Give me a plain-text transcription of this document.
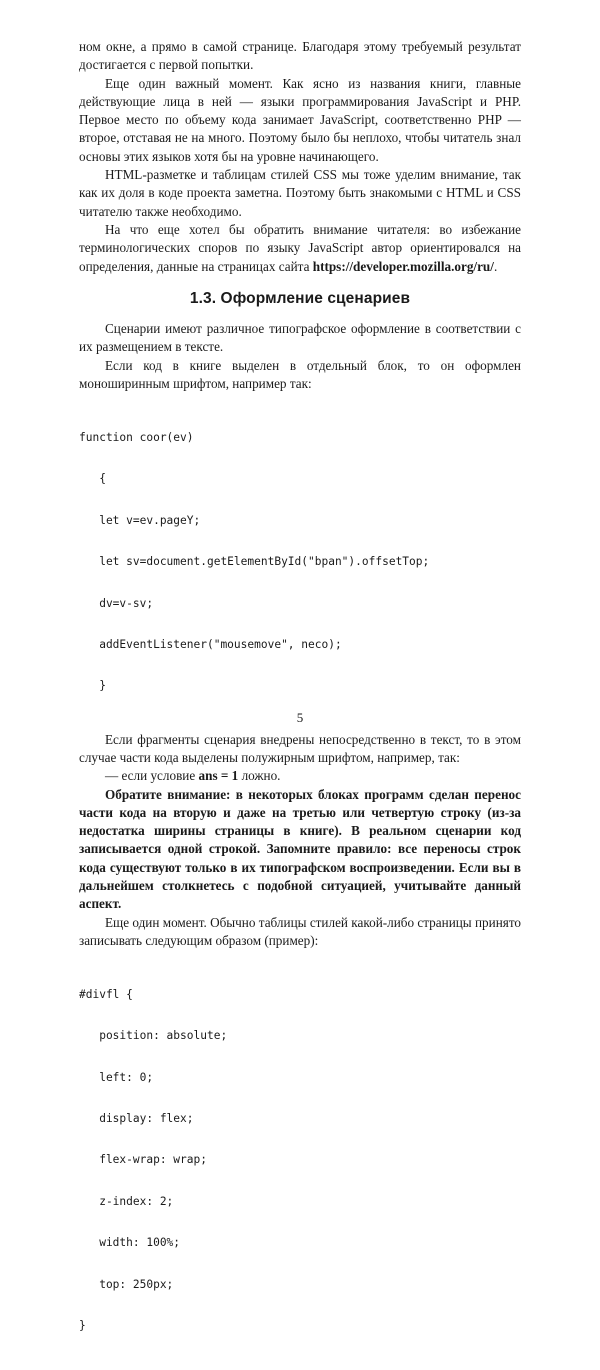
ном окне, а прямо в самой странице. Благодаря этому требуемый результат достигается с первой попытки.

Еще один важный момент. Как ясно из названия книги, главные действующие лица в ней — языки программирования JavaScript и PHP. Первое место по объему кода занимает JavaScript, соответственно PHP — второе, отставая не на много. Поэтому было бы неплохо, чтобы читатель знал основы этих языков хотя бы на уровне начинающего.

HTML-разметке и таблицам стилей CSS мы тоже уделим внимание, так как их доля в коде проекта заметна. Поэтому быть знакомыми с HTML и CSS читателю также необходимо.

На что еще хотел бы обратить внимание читателя: во избежание терминологических споров по языку JavaScript автор ориентировался на определения, данные на страницах сайта https://developer.mozilla.org/ru/.

1.3. Оформление сценариев

Сценарии имеют различное типографское оформление в соответствии с их размещением в тексте.

Если код в книге выделен в отдельный блок, то он оформлен моноширинным шрифтом, например так:

function coor(ev)

{

let v=ev.pageY;

let sv=document.getElementById("bpan").offsetTop;

dv=v-sv;

addEventListener("mousemove", neco);

}

Если фрагменты сценария внедрены непосредственно в текст, то в этом случае части кода выделены полужирным шрифтом, например, так:

— если условие ans = 1 ложно.

Обратите внимание: в некоторых блоках программ сделан перенос части кода на вторую и даже на третью или четвертую строку (из-за недостатка ширины страницы в книге). В реальном сценарии код записывается одной строкой. Запомните правило: все переносы строк кода существуют только в их типографском воспроизведении. Если вы в дальнейшем столкнетесь с подобной ситуацией, учитывайте данный аспект.

Еще один момент. Обычно таблицы стилей какой-либо страницы принято записывать следующим образом (пример):

#divfl {

position: absolute;

left: 0;

display: flex;

flex-wrap: wrap;

z-index: 2;

width: 100%;

top: 250px;

}

5
